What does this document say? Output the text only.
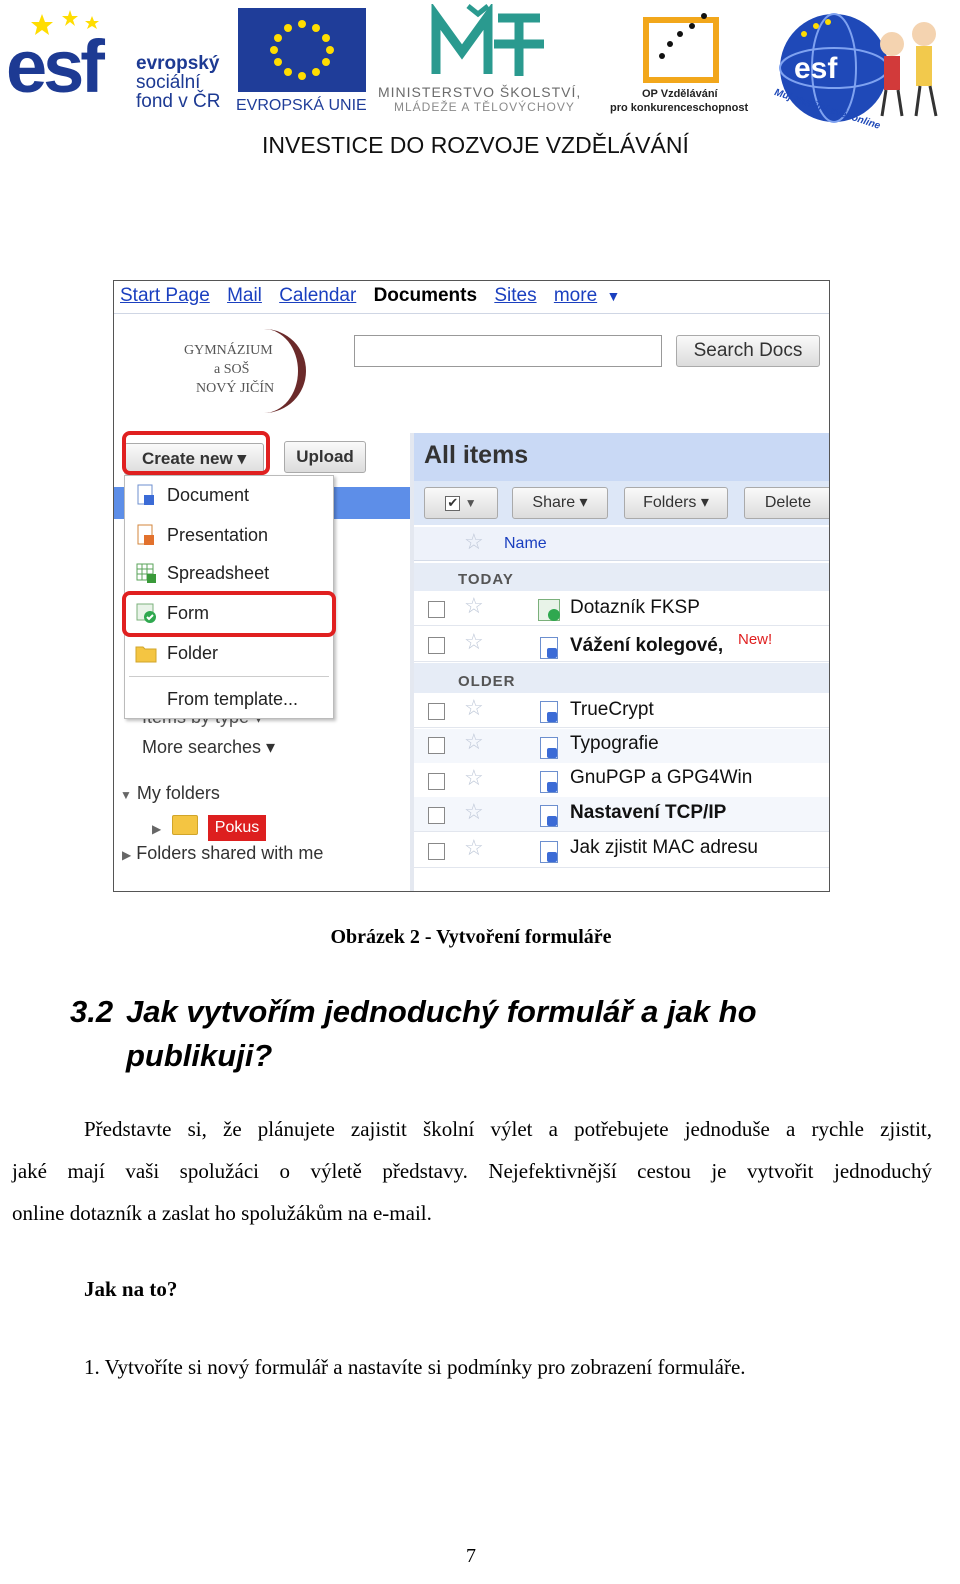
esf evropský
sociální
fond v ČR EVROPSKÁ UNIE
MINISTERSTVO ŠKOLSTVÍ,
MLÁDEŽE A TĚLOVÝCHOVY
OP Vzdělávání
pro konkurenceschopnost
esf
Můj studijní svět online
INVESTICE DO ROZVOJE VZDĚLÁVÁNÍ
Start Page Mail Calendar Documents Sites more ▼
GYMNÁZIUM
a SOŠ
NOVÝ JIČÍN
Search Docs
All items
✔ ▼	Share ▾	Folders ▾	Delete
☆ Name
TODAY
☆	Dotazník FKSP
☆	Vážení kolegové, New!
OLDER
☆	TrueCrypt
☆	Typografie
☆	GnuPGP a GPG4Win
☆	Nastavení TCP/IP
☆	Jak zjistit MAC adresu
Create new ▾	Upload
More searches ▾
Document
Presentation
Spreadsheet
Form
Folder
From template...
▼ My folders
▶	Pokus
▶ Folders shared with me
Obrázek 2 - Vytvoření formuláře
3.2 Jak vytvořím jednoduchý formulář a jak ho
publikuji?
Představte si, že plánujete zajistit školní výlet a potřebujete jednoduše a rychle zjistit,
jaké mají vaši spolužáci o výletě představy. Nejefektivnější cestou je vytvořit jednoduchý
online dotazník a zaslat ho spolužákům na e-mail.
Jak na to?
1. Vytvoříte si nový formulář a nastavíte si podmínky pro zobrazení formuláře.
7
